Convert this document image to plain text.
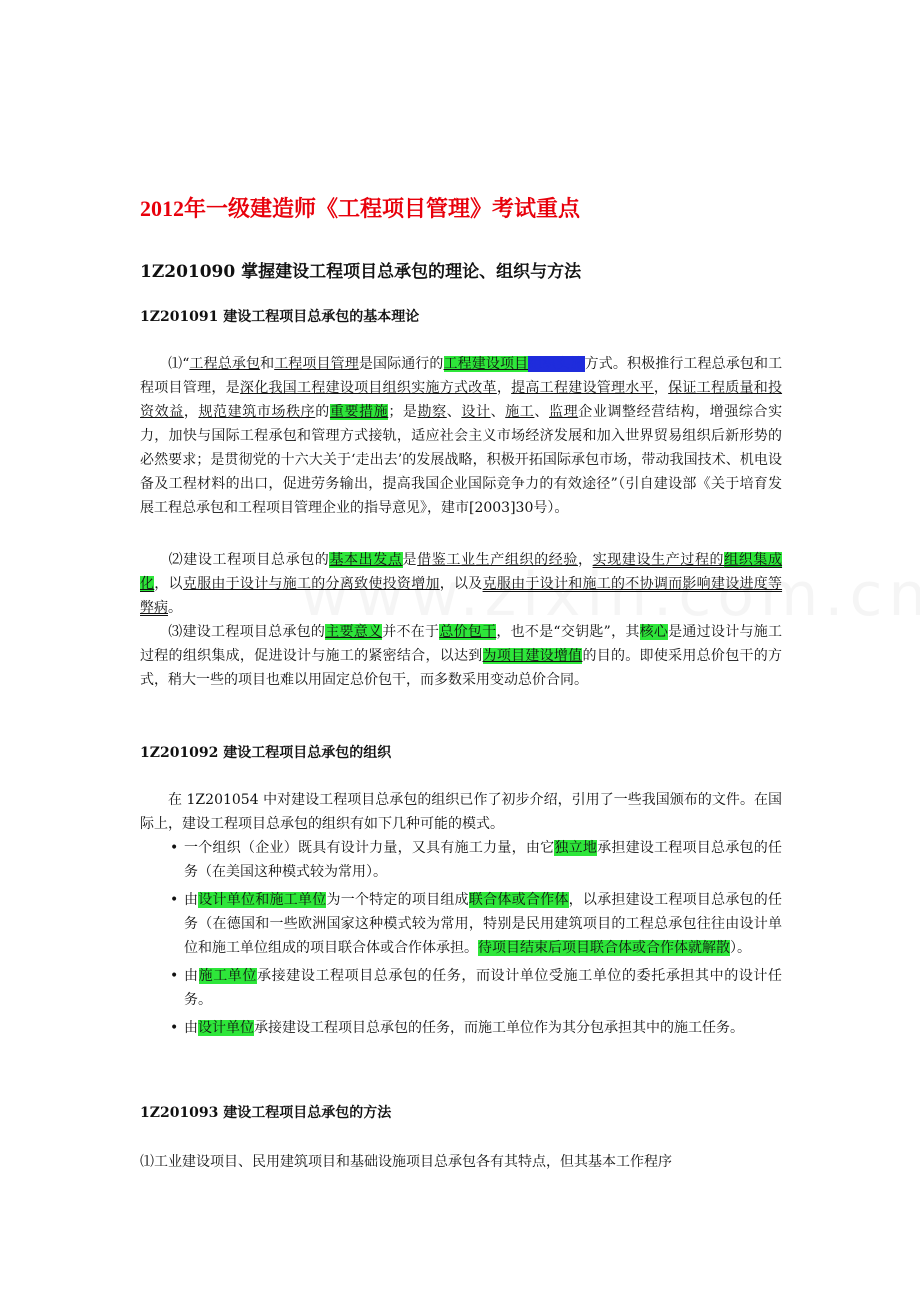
2012年一级建造师《工程项目管理》考试重点
1Z201090 掌握建设工程项目总承包的理论、组织与方法
1Z201091 建设工程项目总承包的基本理论

⑴“工程总承包和工程项目管理是国际通行的工程建设项目组织实施方式。积极推行工程总承包和工程项目管理，是深化我国工程建设项目组织实施方式改革，提高工程建设管理水平，保证工程质量和投资效益，规范建筑市场秩序的重要措施；是勘察、设计、施工、监理企业调整经营结构，增强综合实力，加快与国际工程承包和管理方式接轨，适应社会主义市场经济发展和加入世界贸易组织后新形势的必然要求；是贯彻党的十六大关于‘走出去’的发展战略，积极开拓国际承包市场，带动我国技术、机电设备及工程材料的出口，促进劳务输出，提高我国企业国际竞争力的有效途径”（引自建设部《关于培育发展工程总承包和工程项目管理企业的指导意见》，建市[2003]30号）。

⑵建设工程项目总承包的基本出发点是借鉴工业生产组织的经验，实现建设生产过程的组织集成化，以克服由于设计与施工的分离致使投资增加，以及克服由于设计和施工的不协调而影响建设进度等弊病。

⑶建设工程项目总承包的主要意义并不在于总价包干，也不是“交钥匙”，其核心是通过设计与施工过程的组织集成，促进设计与施工的紧密结合，以达到为项目建设增值的目的。即使采用总价包干的方式，稍大一些的项目也难以用固定总价包干，而多数采用变动总价合同。

1Z201092 建设工程项目总承包的组织

在 1Z201054 中对建设工程项目总承包的组织已作了初步介绍，引用了一些我国颁布的文件。在国际上，建设工程项目总承包的组织有如下几种可能的模式。

• 一个组织（企业）既具有设计力量，又具有施工力量，由它独立地承担建设工程项目总承包的任务（在美国这种模式较为常用）。
• 由设计单位和施工单位为一个特定的项目组成联合体或合作体，以承担建设工程项目总承包的任务（在德国和一些欧洲国家这种模式较为常用，特别是民用建筑项目的工程总承包往往由设计单位和施工单位组成的项目联合体或合作体承担。待项目结束后项目联合体或合作体就解散）。
• 由施工单位承接建设工程项目总承包的任务，而设计单位受施工单位的委托承担其中的设计任务。
• 由设计单位承接建设工程项目总承包的任务，而施工单位作为其分包承担其中的施工任务。
1Z201093 建设工程项目总承包的方法

⑴工业建设项目、民用建筑项目和基础设施项目总承包各有其特点，但其基本工作程序
